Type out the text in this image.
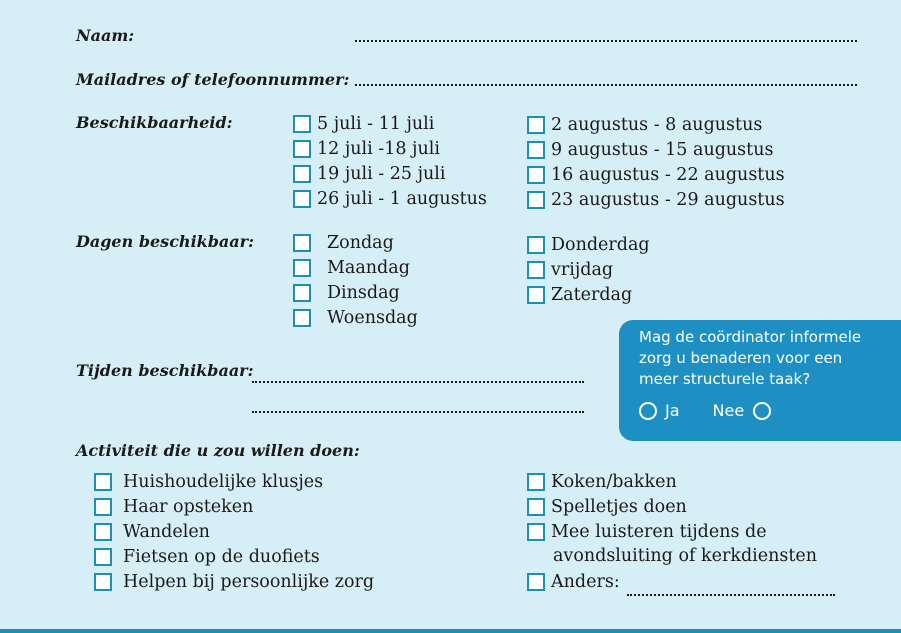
Naam:
Mailadres of telefoonnummer:
Beschikbaarheid:	5 juli - 11 juli
12 juli -18 juli
19 juli - 25 juli
26 juli - 1 augustus
2 augustus - 8 augustus
9 augustus - 15 augustus
16 augustus - 22 augustus
23 augustus - 29 augustus
Dagen beschikbaar:	Zondag
Maandag
Dinsdag
Woensdag
Donderdag
vrijdag
Zaterdag
Tijden beschikbaar:
Mag de coördinator informele
zorg u benaderen voor een
meer structurele taak?
Ja Nee
Activiteit die u zou willen doen:
Huishoudelijke klusjes
Haar opsteken
Wandelen
Fietsen op de duofiets
Helpen bij persoonlijke zorg
Koken/bakken
Spelletjes doen
Mee luisteren tijdens de
avondsluiting of kerkdiensten
Anders:
